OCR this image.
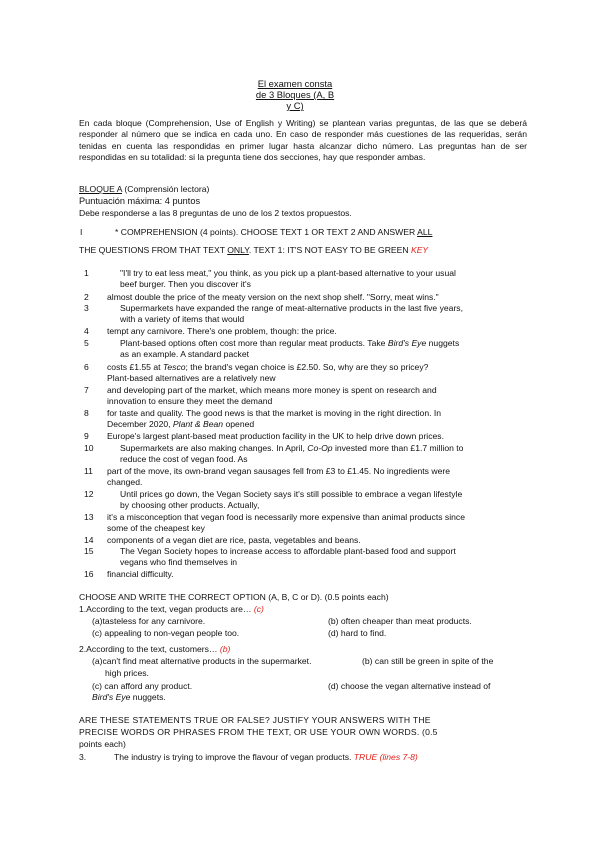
El examen consta
de 3 Bloques (A, B
y C)
En cada bloque (Comprehension, Use of English y Writing) se plantean varias preguntas, de las que se deberá responder al número que se indica en cada uno. En caso de responder más cuestiones de las requeridas, serán tenidas en cuenta las respondidas en primer lugar hasta alcanzar dicho número. Las preguntas han de ser respondidas en su totalidad: si la pregunta tiene dos secciones, hay que responder ambas.
BLOQUE A (Comprensión lectora)
Puntuación máxima: 4 puntos
Debe responderse a las 8 preguntas de uno de los 2 textos propuestos.
I	* COMPREHENSION (4 points). CHOOSE TEXT 1 OR TEXT 2 AND ANSWER ALL
THE QUESTIONS FROM THAT TEXT ONLY. TEXT 1: IT'S NOT EASY TO BE GREEN KEY
1	"I'll try to eat less meat," you think, as you pick up a plant-based alternative to your usual
beef burger. Then you discover it's
2 almost double the price of the meaty version on the next shop shelf. "Sorry, meat wins."
3	Supermarkets have expanded the range of meat-alternative products in the last five years,
with a variety of items that would
4 tempt any carnivore. There's one problem, though: the price.
5	Plant-based options often cost more than regular meat products. Take Bird's Eye nuggets
as an example. A standard packet
6 costs £1.55 at Tesco; the brand's vegan choice is £2.50. So, why are they so pricey?
Plant-based alternatives are a relatively new
7 and developing part of the market, which means more money is spent on research and
innovation to ensure they meet the demand
8 for taste and quality. The good news is that the market is moving in the right direction. In
December 2020, Plant & Bean opened
9 Europe's largest plant-based meat production facility in the UK to help drive down prices.
10	Supermarkets are also making changes. In April, Co-Op invested more than £1.7 million to
reduce the cost of vegan food. As
11 part of the move, its own-brand vegan sausages fell from £3 to £1.45. No ingredients were
changed.
12	Until prices go down, the Vegan Society says it's still possible to embrace a vegan lifestyle
by choosing other products. Actually,
13 it's a misconception that vegan food is necessarily more expensive than animal products since
some of the cheapest key
14 components of a vegan diet are rice, pasta, vegetables and beans.
15	The Vegan Society hopes to increase access to affordable plant-based food and support
vegans who find themselves in
16 financial difficulty.
CHOOSE AND WRITE THE CORRECT OPTION (A, B, C or D). (0.5 points each)
1.According to the text, vegan products are… (c)
(a)tasteless for any carnivore.	(b) often cheaper than meat products.
(c) appealing to non-vegan people too.	(d) hard to find.
2.According to the text, customers… (b)
(a)can't find meat alternative products in the supermarket.	(b) can still be green in spite of the
high prices.
(c) can afford any product.	(d) choose the vegan alternative instead of
Bird's Eye nuggets.
ARE THESE STATEMENTS TRUE OR FALSE? JUSTIFY YOUR ANSWERS WITH THE
PRECISE WORDS OR PHRASES FROM THE TEXT, OR USE YOUR OWN WORDS. (0.5
points each)
3.	The industry is trying to improve the flavour of vegan products. TRUE (lines 7-8)
